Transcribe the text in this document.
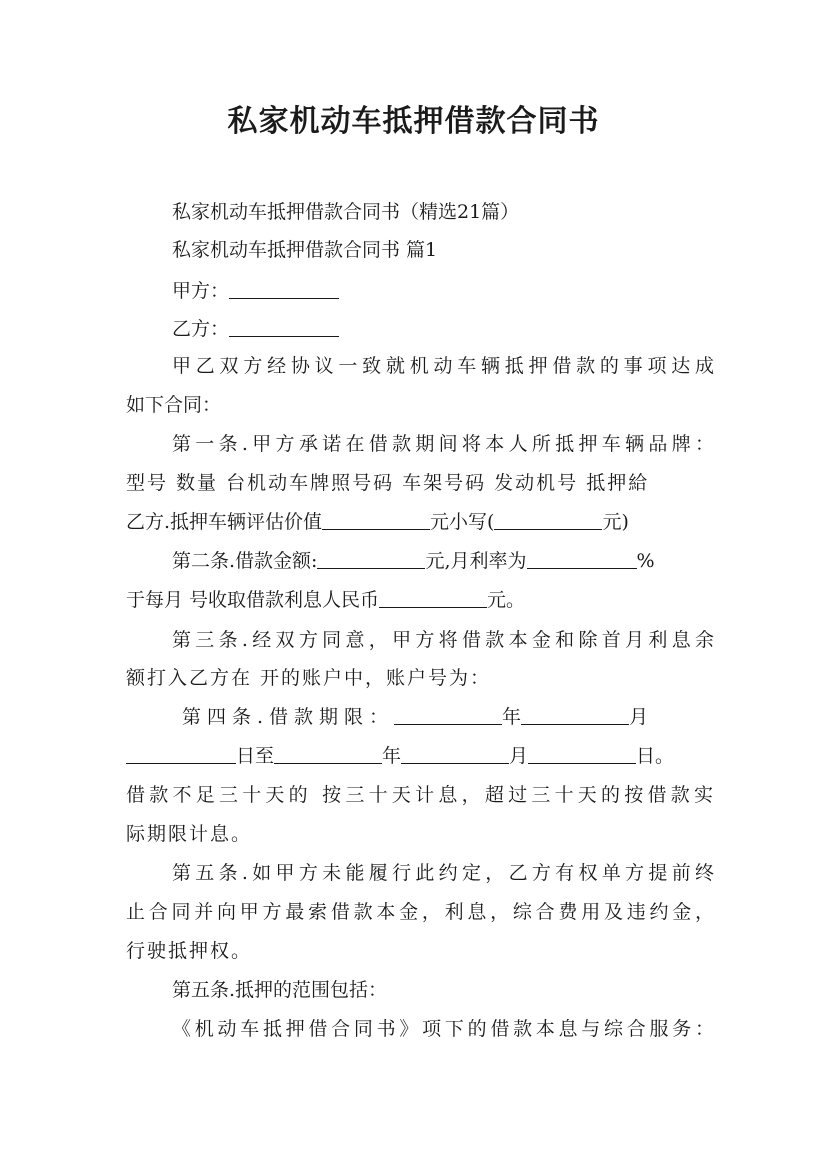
私家机动车抵押借款合同书
私家机动车抵押借款合同书（精选21篇）
私家机动车抵押借款合同书 篇1
甲方：
乙方：
甲乙双方经协议一致就机动车辆抵押借款的事项达成
如下合同：
第一条.甲方承诺在借款期间将本人所抵押车辆品牌：
型号 数量 台机动车牌照号码 车架号码 发动机号 抵押給
乙方.抵押车辆评估价值	元小写(	元)
第二条.借款金额:	元,月利率为	%
于每月 号收取借款利息人民币	元。
第三条.经双方同意，甲方将借款本金和除首月利息余
额打入乙方在 开的账户中，账户号为：
第四条.借款期限：	年	月
日至	年	月	日。
借款不足三十天的 按三十天计息，超过三十天的按借款实
际期限计息。
第五条.如甲方未能履行此约定，乙方有权单方提前终
止合同并向甲方最索借款本金，利息，综合费用及违约金，
行驶抵押权。
第五条.抵押的范围包括：
《机动车抵押借合同书》项下的借款本息与综合服务：
